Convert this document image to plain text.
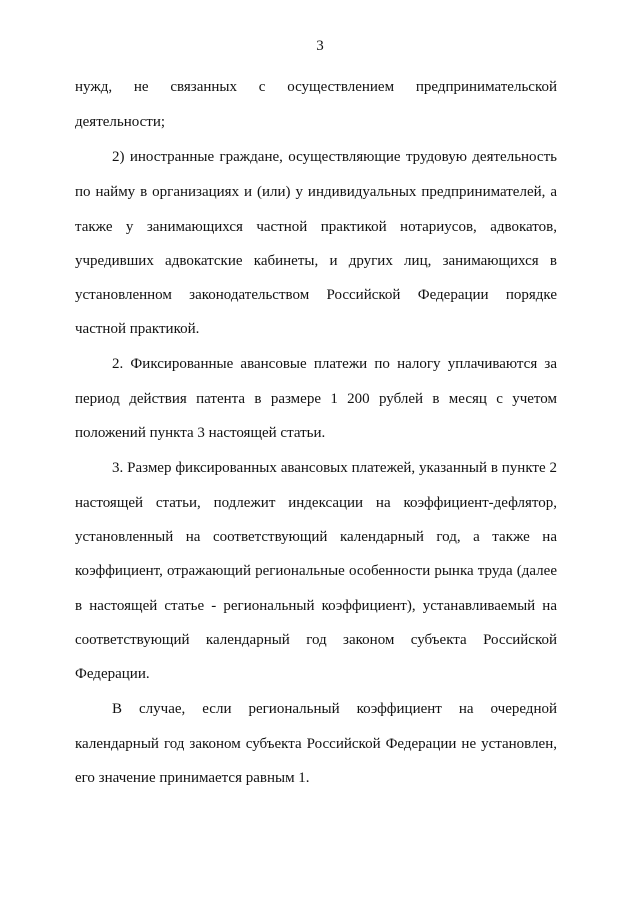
3
нужд, не связанных с осуществлением предпринимательской
деятельности;
2) иностранные граждане, осуществляющие трудовую деятельность
по найму в организациях и (или) у индивидуальных предпринимателей, а
также у занимающихся частной практикой нотариусов, адвокатов,
учредивших адвокатские кабинеты, и других лиц, занимающихся в
установленном законодательством Российской Федерации порядке
частной практикой.
2. Фиксированные авансовые платежи по налогу уплачиваются за
период действия патента в размере 1 200 рублей в месяц с учетом
положений пункта 3 настоящей статьи.
3. Размер фиксированных авансовых платежей, указанный в пункте 2
настоящей статьи, подлежит индексации на коэффициент-дефлятор,
установленный на соответствующий календарный год, а также на
коэффициент, отражающий региональные особенности рынка труда (далее
в настоящей статье - региональный коэффициент), устанавливаемый на
соответствующий календарный год законом субъекта Российской
Федерации.
В случае, если региональный коэффициент на очередной
календарный год законом субъекта Российской Федерации не установлен,
его значение принимается равным 1.
